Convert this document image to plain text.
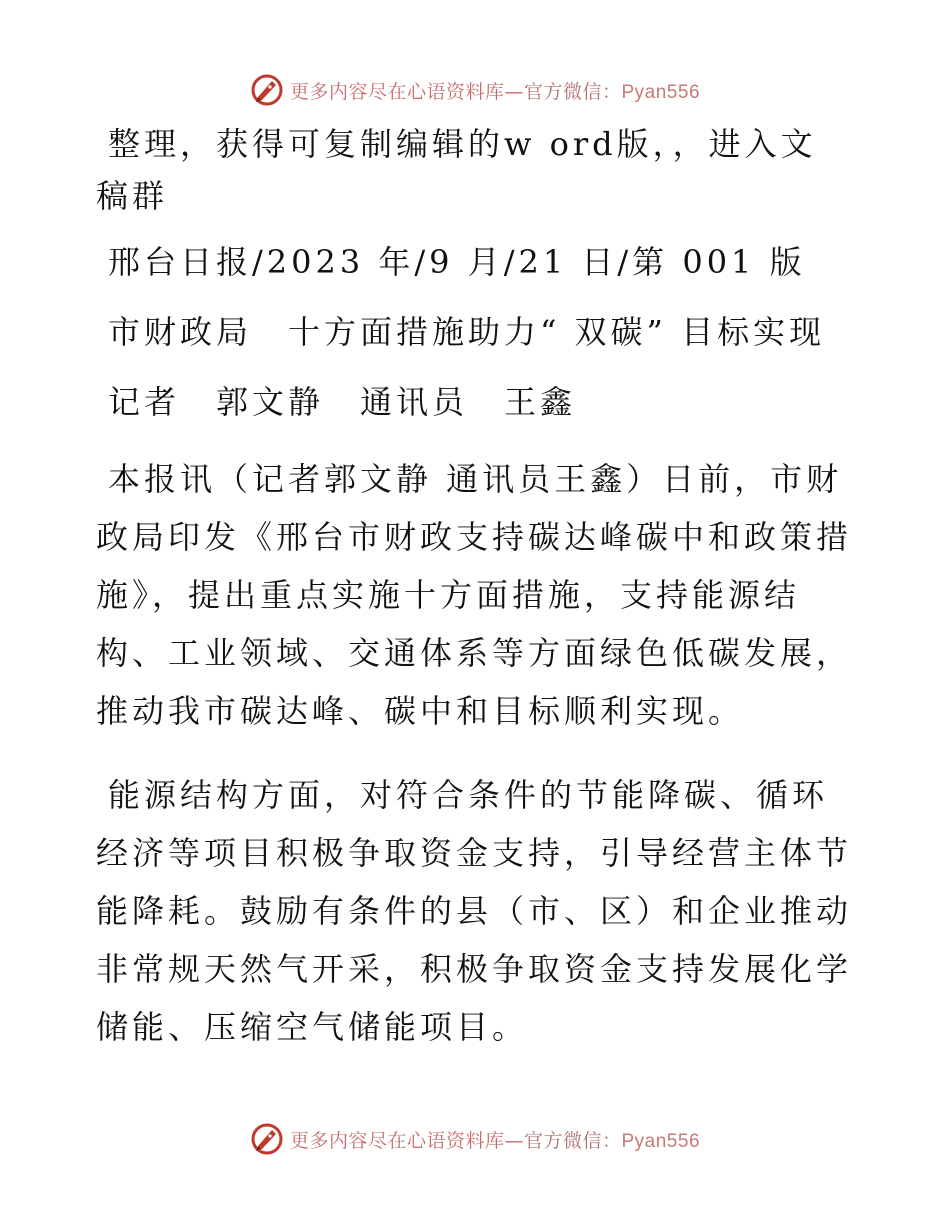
更多内容尽在心语资料库—官方微信：Pyan556

整理，获得可复制编辑的w ord版，，进入文稿群

邢台日报/2023 年/9 月/21 日/第 001 版

市财政局　十方面措施助力“ 双碳” 目标实现

记者　郭文静　通讯员　王鑫

本报讯（记者郭文静 通讯员王鑫）日前，市财政局印发《邢台市财政支持碳达峰碳中和政策措施》，提出重点实施十方面措施，支持能源结构、工业领域、交通体系等方面绿色低碳发展，推动我市碳达峰、碳中和目标顺利实现。

能源结构方面，对符合条件的节能降碳、循环经济等项目积极争取资金支持，引导经营主体节能降耗。鼓励有条件的县（市、区）和企业推动非常规天然气开采，积极争取资金支持发展化学储能、压缩空气储能项目。

更多内容尽在心语资料库—官方微信：Pyan556
